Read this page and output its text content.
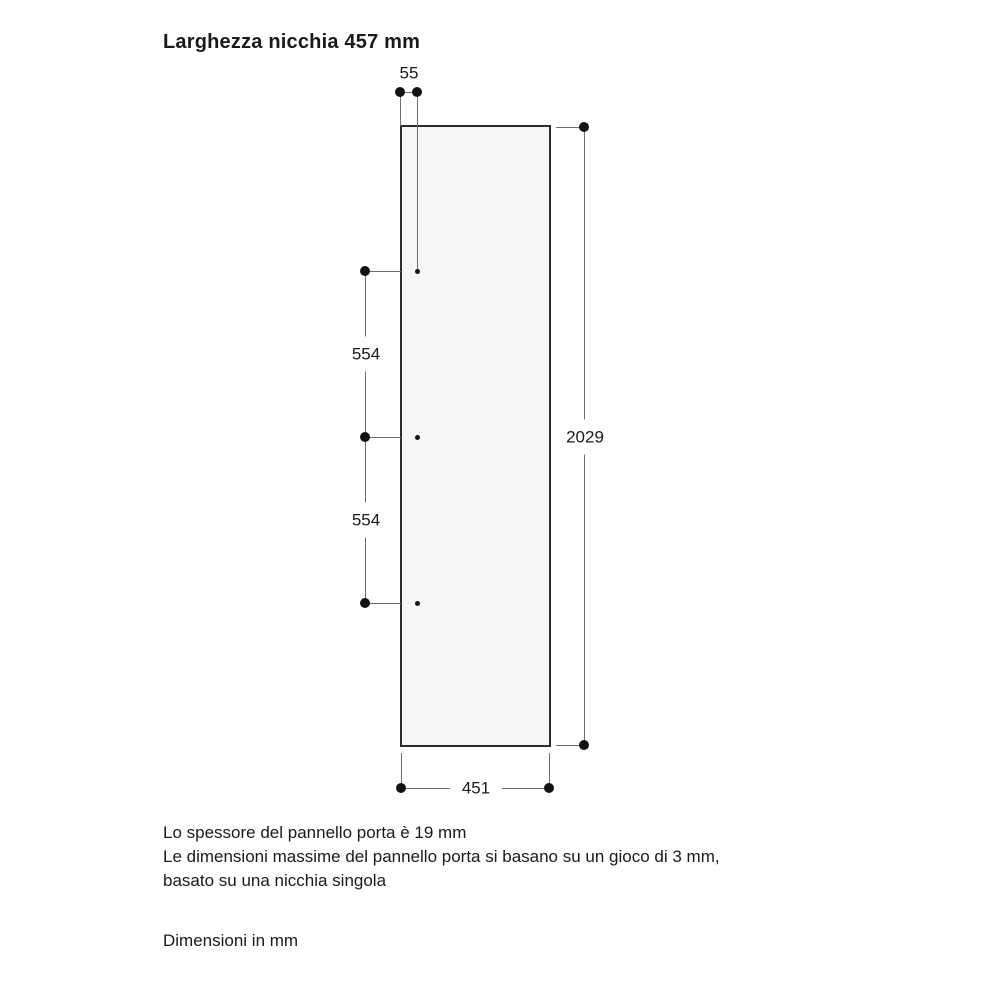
Larghezza nicchia 457 mm
55
554
554
2029
451
Lo spessore del pannello porta è 19 mm
Le dimensioni massime del pannello porta si basano su un gioco di 3 mm,
basato su una nicchia singola
Dimensioni in mm
